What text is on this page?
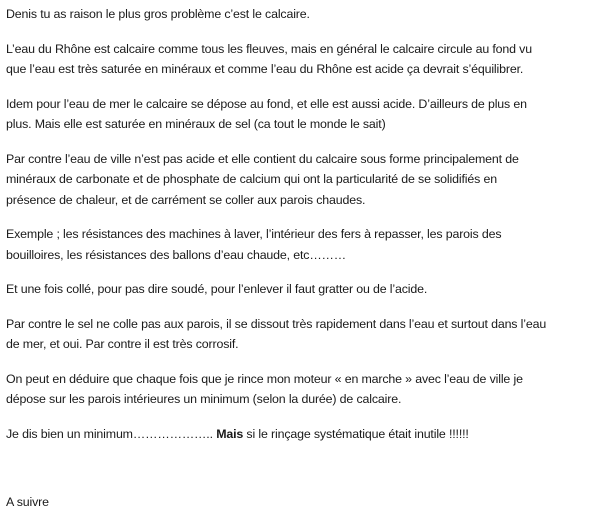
Denis tu as raison le plus gros problème c’est le calcaire.

L’eau du Rhône est calcaire comme tous les fleuves, mais en général le calcaire circule au fond vu
que l’eau est très saturée en minéraux et comme l’eau du Rhône est acide ça devrait s’équilibrer.

Idem pour l’eau de mer le calcaire se dépose au fond, et elle est aussi acide. D’ailleurs de plus en
plus. Mais elle est saturée en minéraux de sel (ca tout le monde le sait)

Par contre l’eau de ville n’est pas acide et elle contient du calcaire sous forme principalement de
minéraux de carbonate et de phosphate de calcium qui ont la particularité de se solidifiés en
présence de chaleur, et de carrément se coller aux parois chaudes.

Exemple ; les résistances des machines à laver, l’intérieur des fers à repasser, les parois des
bouilloires, les résistances des ballons d’eau chaude, etc………

Et une fois collé, pour pas dire soudé, pour l’enlever il faut gratter ou de l’acide.

Par contre le sel ne colle pas aux parois, il se dissout très rapidement dans l’eau et surtout dans l’eau
de mer, et oui. Par contre il est très corrosif.

On peut en déduire que chaque fois que je rince mon moteur « en marche » avec l’eau de ville je
dépose sur les parois intérieures un minimum (selon la durée) de calcaire.

Je dis bien un minimum……………….. Mais si le rinçage systématique était inutile !!!!!!

A suivre
